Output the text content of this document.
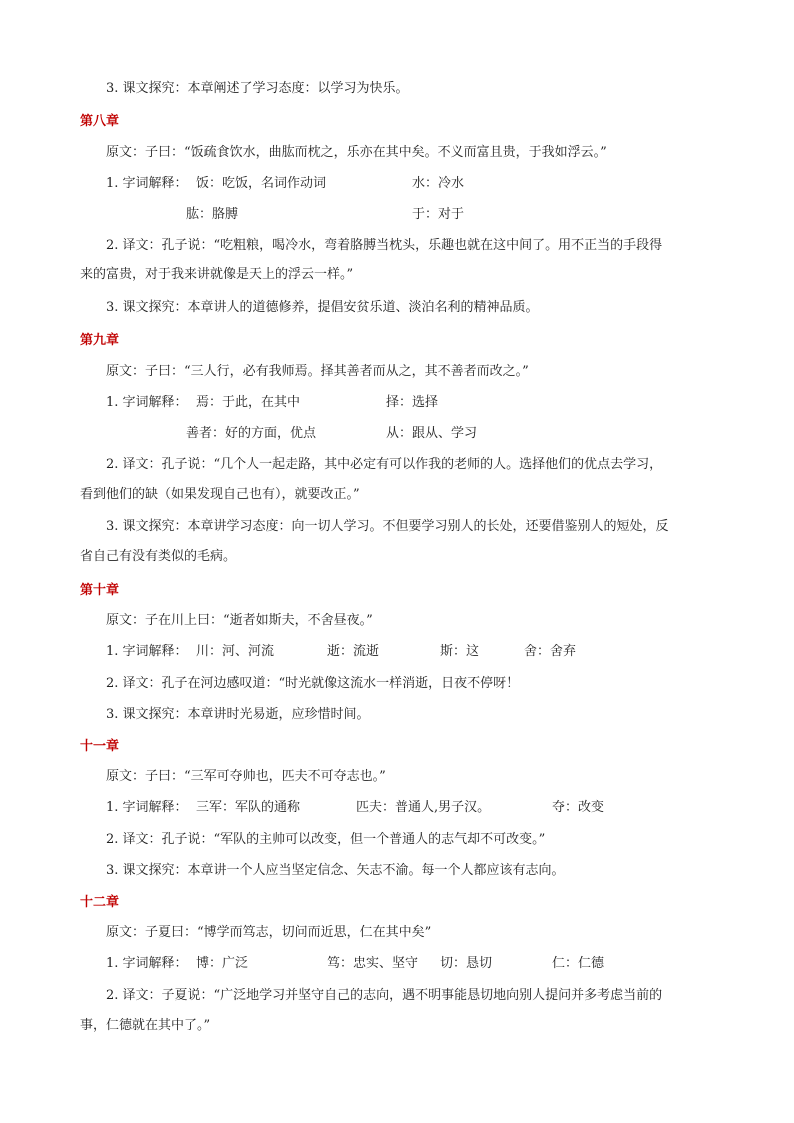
3. 课文探究：本章阐述了学习态度：以学习为快乐。
第八章
原文：子曰：“饭疏食饮水，曲肱而枕之，乐亦在其中矣。不义而富且贵，于我如浮云。”
1. 字词解释： 饭：吃饭，名词作动词	水：冷水
肱：胳膊	于：对于
2. 译文：孔子说：“吃粗粮，喝冷水，弯着胳膊当枕头，乐趣也就在这中间了。用不正当的手段得
来的富贵，对于我来讲就像是天上的浮云一样。”
3. 课文探究：本章讲人的道德修养，提倡安贫乐道、淡泊名利的精神品质。
第九章
原文：子曰：“三人行，必有我师焉。择其善者而从之，其不善者而改之。”
1. 字词解释： 焉：于此，在其中	择：选择
善者：好的方面，优点	从：跟从、学习
2. 译文：孔子说：“几个人一起走路，其中必定有可以作我的老师的人。选择他们的优点去学习，
看到他们的缺（如果发现自己也有），就要改正。”
3. 课文探究：本章讲学习态度：向一切人学习。不但要学习别人的长处，还要借鉴别人的短处，反
省自己有没有类似的毛病。
第十章
原文：子在川上曰：“逝者如斯夫，不舍昼夜。”
1. 字词解释： 川：河、河流	逝：流逝	斯：这	舍：舍弃
2. 译文：孔子在河边感叹道：“时光就像这流水一样消逝，日夜不停呀！
3. 课文探究：本章讲时光易逝，应珍惜时间。
十一章
原文：子曰：“三军可夺帅也，匹夫不可夺志也。”
1. 字词解释： 三军：军队的通称	匹夫：普通人,男子汉。	夺：改变
2. 译文：孔子说：“军队的主帅可以改变，但一个普通人的志气却不可改变。”
3. 课文探究：本章讲一个人应当坚定信念、矢志不渝。每一个人都应该有志向。
十二章
原文：子夏曰：“博学而笃志，切问而近思，仁在其中矣”
1. 字词解释： 博：广泛	笃：忠实、坚守 切：恳切	仁：仁德
2. 译文：子夏说：“广泛地学习并坚守自己的志向，遇不明事能恳切地向别人提问并多考虑当前的
事，仁德就在其中了。”
